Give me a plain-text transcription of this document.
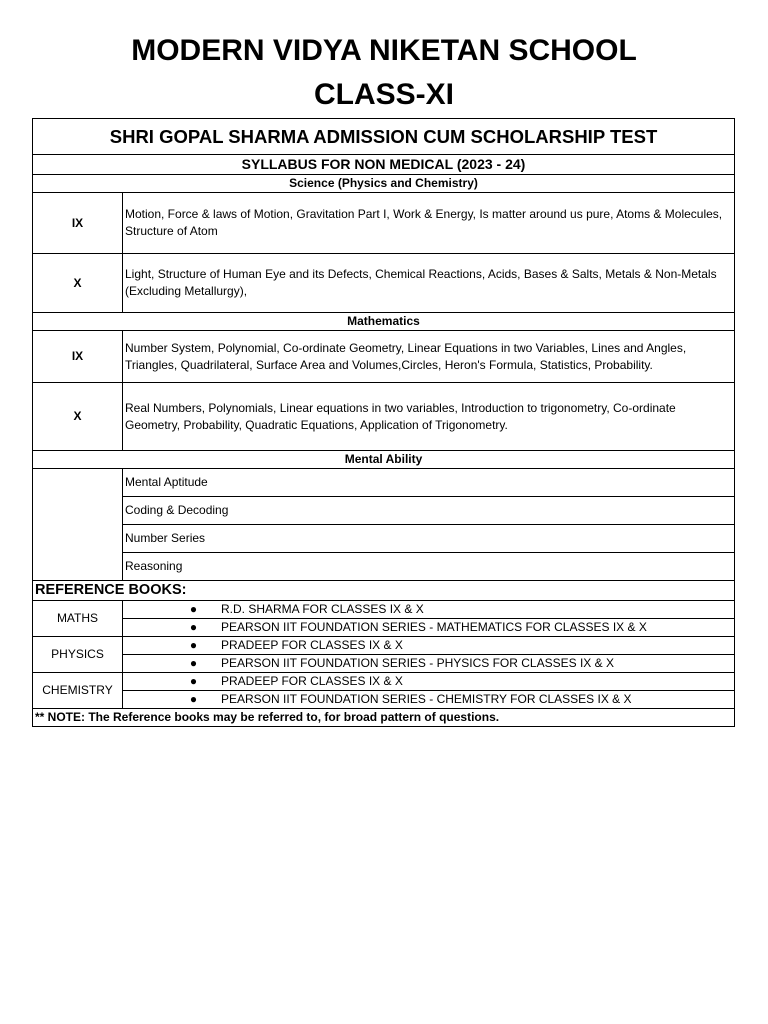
MODERN VIDYA NIKETAN SCHOOL
CLASS-XI
SHRI GOPAL SHARMA ADMISSION CUM SCHOLARSHIP TEST	
SYLLABUS FOR NON MEDICAL (2023 - 24)	
Science (Physics and Chemistry)	
IX	Motion, Force & laws of Motion, Gravitation Part I, Work & Energy, Is matter around us pure, Atoms & Molecules, Structure of Atom
X	Light, Structure of Human Eye and its Defects, Chemical Reactions, Acids, Bases & Salts, Metals & Non-Metals (Excluding Metallurgy),
Mathematics	
IX	Number System, Polynomial, Co-ordinate Geometry, Linear Equations in two Variables, Lines and Angles, Triangles, Quadrilateral, Surface Area and Volumes,Circles, Heron's Formula, Statistics, Probability.
X	Real Numbers, Polynomials, Linear equations in two variables, Introduction to trigonometry, Co-ordinate Geometry, Probability, Quadratic Equations, Application of Trigonometry.
Mental Ability	
	Mental Aptitude
	Coding & Decoding
	Number Series
	Reasoning
REFERENCE BOOKS:	
MATHS	● R.D. SHARMA FOR CLASSES IX & X
	● PEARSON IIT FOUNDATION SERIES - MATHEMATICS FOR CLASSES IX & X
PHYSICS	● PRADEEP FOR CLASSES IX & X
	● PEARSON IIT FOUNDATION SERIES - PHYSICS FOR CLASSES IX & X
CHEMISTRY	● PRADEEP FOR CLASSES IX & X
	● PEARSON IIT FOUNDATION SERIES - CHEMISTRY FOR CLASSES IX & X
** NOTE: The Reference books may be referred to, for broad pattern of questions.	
